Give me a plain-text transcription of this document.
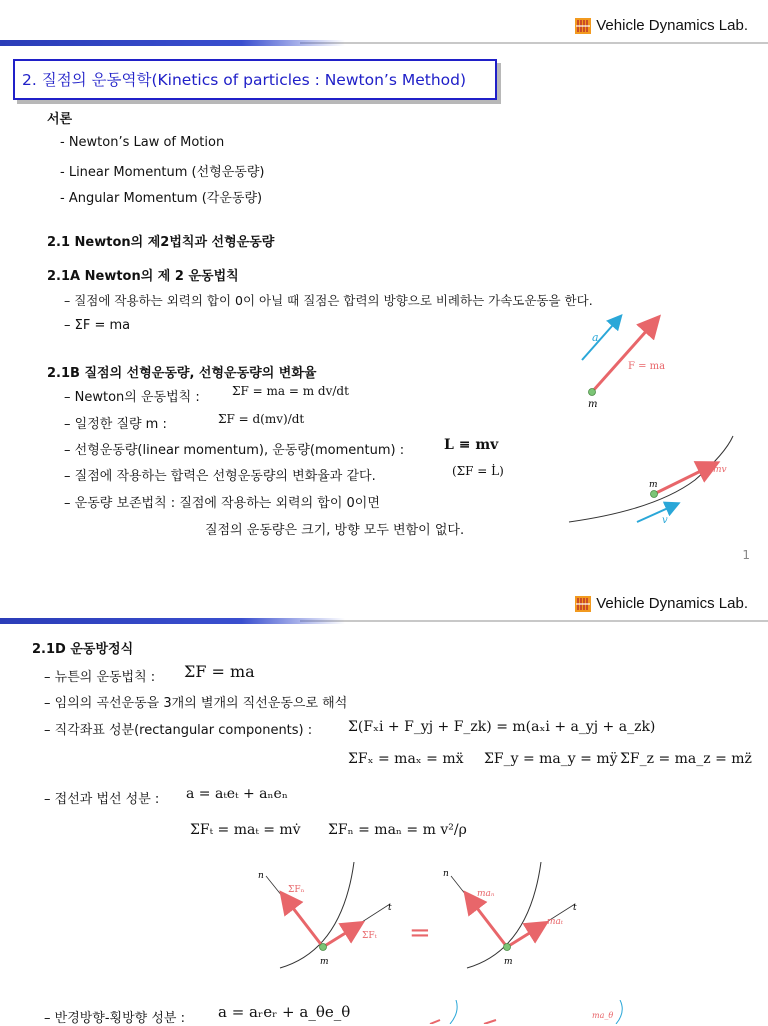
Vehicle Dynamics Lab.
2. 질점의 운동역학(Kinetics of particles : Newton’s Method)
서론
- Newton’s Law of Motion
- Linear Momentum (선형운동량)
- Angular Momentum (각운동량)
2.1 Newton의 제2법칙과 선형운동량
2.1A Newton의 제 2 운동법칙
– 질점에 작용하는 외력의 합이 0이 아닐 때 질점은 합력의 방향으로 비례하는 가속도운동을 한다.
– ΣF = ma
2.1B 질점의 선형운동량, 선형운동량의 변화율
– Newton의 운동법칙 :	ΣF = ma = m dv/dt
– 일정한 질량 m :	ΣF = d(mv)/dt
– 선형운동량(linear momentum), 운동량(momentum) :	L ≡ mv
– 질점에 작용하는 합력은 선형운동량의 변화율과 같다.	(ΣF = L̇)
– 운동량 보존법칙 : 질점에 작용하는 외력의 합이 0이면
질점의 운동량은 크기, 방향 모두 변함이 없다.
a
F = ma
m
mv
m
v
1
Vehicle Dynamics Lab.
2.1D 운동방정식
– 뉴튼의 운동법칙 : ΣF = ma
– 임의의 곡선운동을 3개의 별개의 직선운동으로 해석
– 직각좌표 성분(rectangular components) :	Σ(Fₓi + F_yj + F_zk) = m(aₓi + a_yj + a_zk)
ΣFₓ = maₓ = mẍ ΣF_y = ma_y = mÿ ΣF_z = ma_z = mz̈
– 접선과 법선 성분 : a = aₜeₜ + aₙeₙ
ΣFₜ = maₜ = mv̇ ΣFₙ = maₙ = m v²/ρ
n
t
ΣFₙ
ΣFₜ
m
=
n
t
maₙ
maₜ
m
– 반경방향-횡방향 성분 : a = aᵣeᵣ + a_θe_θ	ma_θ
